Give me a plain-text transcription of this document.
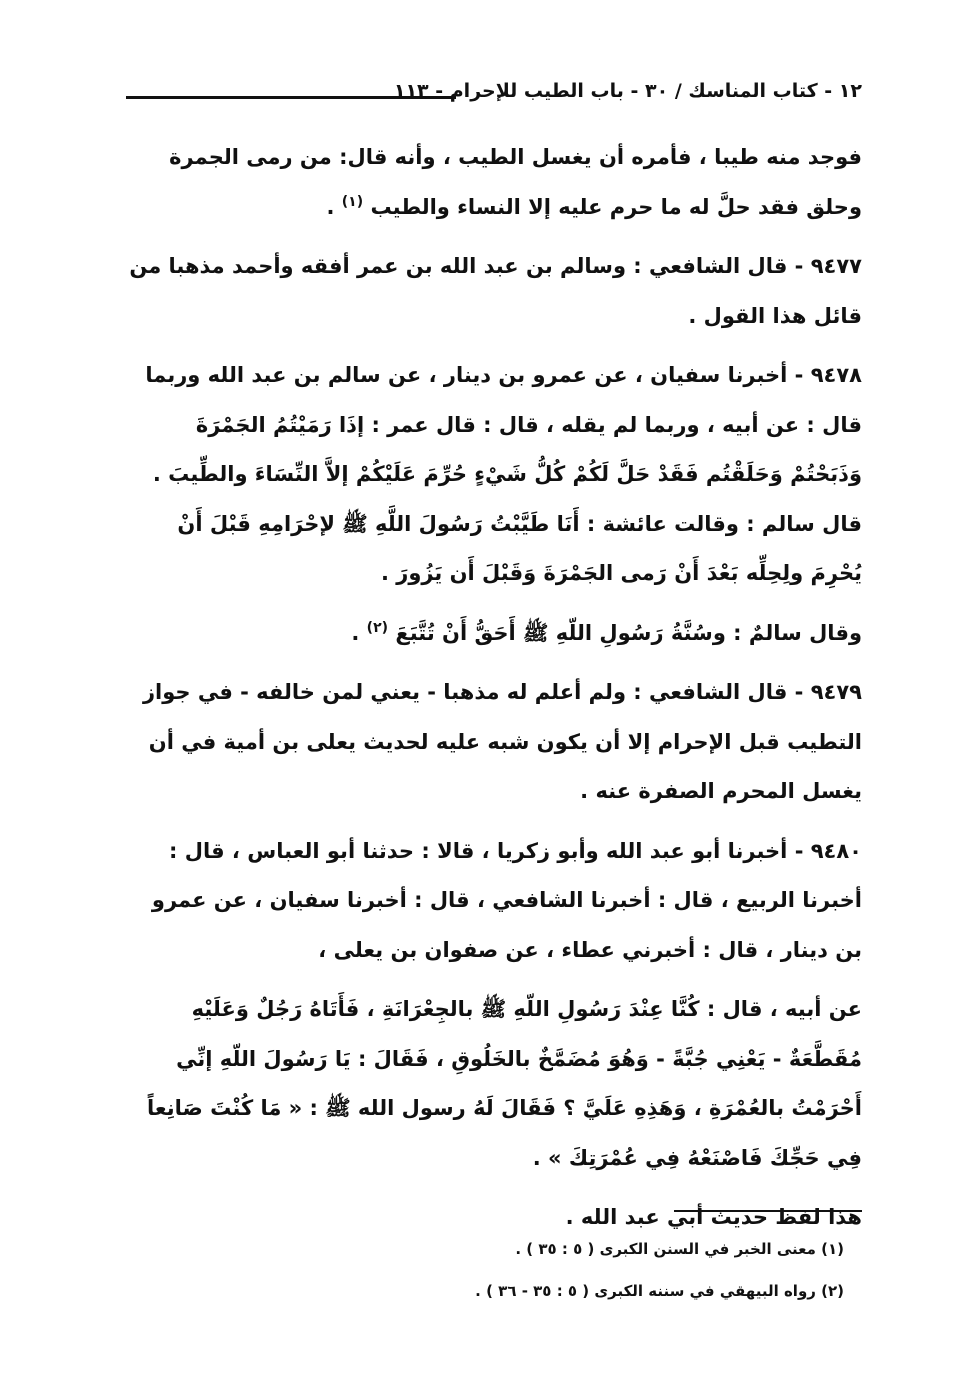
١٢ - كتاب المناسك / ٣٠ - باب الطيب للإحرام - ١١٣

فوجد منه طيبا ، فأمره أن يغسل الطيب ، وأنه قال: من رمى الجمرة وحلق فقد حلَّ له ما حرم عليه إلا النساء والطيب $^{(١)}$ .

٩٤٧٧ - قال الشافعي : وسالم بن عبد الله بن عمر أفقه وأحمد مذهبا من قائل هذا القول .

٩٤٧٨ - أخبرنا سفيان ، عن عمرو بن دينار ، عن سالم بن عبد الله وربما قال : عن أبيه ، وربما لم يقله ، قال : قال عمر : إذَا رَمَيْتُمُ الجَمْرَةَ وَذَبَحْتُمْ وَحَلَقْتُم فَقَدْ حَلَّ لَكُمْ كُلُّ شَيْءٍ حُرِّمَ عَلَيْكُمْ إلاَّ النِّسَاءَ والطِّيبَ . قال سالم : وقالت عائشة : أَنَا طَيَّبْتُ رَسُولَ اللَّهِ ﷺ لإحْرَامِهِ قَبْلَ أَنْ يُحْرِمَ ولِحِلِّه بَعْدَ أَنْ رَمى الجَمْرَةَ وَقَبْلَ أَن يَزُورَ .

وقال سالمٌ : وسُنَّةُ رَسُولِ اللّهِ ﷺ أَحَقُّ أَنْ تُتَّبَعَ $^{(٢)}$ .

٩٤٧٩ - قال الشافعي : ولم أعلم له مذهبا - يعني لمن خالفه - في جواز التطيب قبل الإحرام إلا أن يكون شبه عليه لحديث يعلى بن أمية في أن يغسل المحرم الصفرة عنه .

٩٤٨٠ - أخبرنا أبو عبد الله وأبو زكريا ، قالا : حدثنا أبو العباس ، قال : أخبرنا الربيع ، قال : أخبرنا الشافعي ، قال : أخبرنا سفيان ، عن عمرو بن دينار ، قال : أخبرني عطاء ، عن صفوان بن يعلى ،

عن أبيه ، قال : كُنَّا عِنْدَ رَسُولِ اللّهِ ﷺ بالجِعْرَانَةِ ، فَأَتَاهُ رَجُلٌ وَعَلَيْهِ مُقَطَّعَةٌ - يَعْنِي جُبَّةً - وَهُوَ مُضَمَّخٌ بالخَلُوقِ ، فَقَالَ : يَا رَسُولَ اللّهِ إنِّي أَحْرَمْتُ بالعُمْرَةِ ، وَهَذِهِ عَلَيَّ ؟ فَقَالَ لَهُ رسول الله ﷺ : « مَا كُنْتَ صَانِعاً فِي حَجِّكَ فَاصْنَعْهُ فِي عُمْرَتِكَ » .

هذا لفظ حديث أبي عبد الله .

(١) معنى الخبر في السنن الكبرى ( ٥ : ٣٥ ) .
(٢) رواه البيهقي في سننه الكبرى ( ٥ : ٣٥ - ٣٦ ) .
